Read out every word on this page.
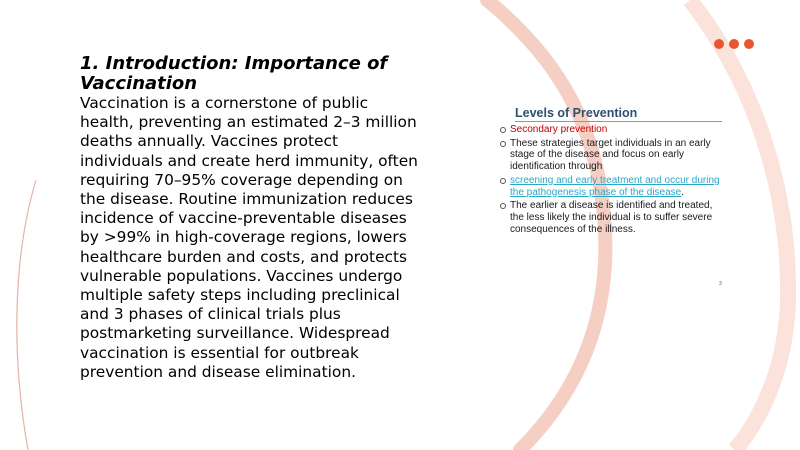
1. Introduction: Importance of Vaccination

Vaccination is a cornerstone of public health, preventing an estimated 2–3 million deaths annually. Vaccines protect individuals and create herd immunity, often requiring 70–95% coverage depending on the disease. Routine immunization reduces incidence of vaccine-preventable diseases by >99% in high-coverage regions, lowers healthcare burden and costs, and protects vulnerable populations. Vaccines undergo multiple safety steps including preclinical and 3 phases of clinical trials plus postmarketing surveillance. Widespread vaccination is essential for outbreak prevention and disease elimination.

Levels of Prevention
Secondary prevention
These strategies target individuals in an early stage of the disease and focus on early identification through
screening and early treatment and occur during the pathogenesis phase of the disease.
The earlier a disease is identified and treated, the less likely the individual is to suffer severe consequences of the illness.
3
